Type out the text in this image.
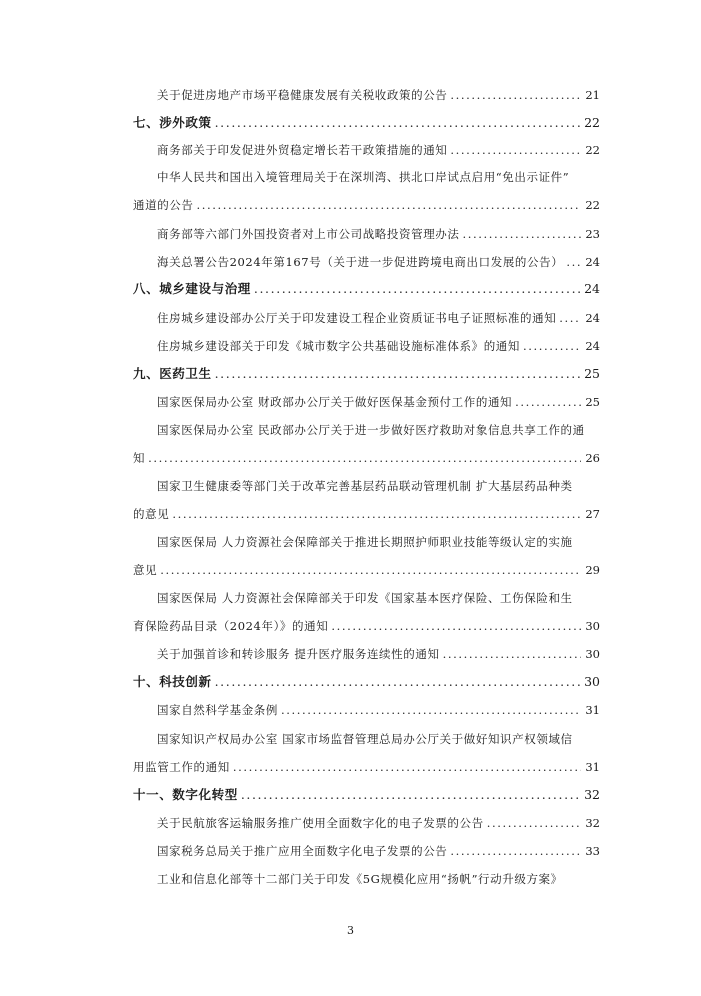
关于促进房地产市场平稳健康发展有关税收政策的公告 .....	21
七、涉外政策 .....	22
商务部关于印发促进外贸稳定增长若干政策措施的通知 .....	22
中华人民共和国出入境管理局关于在深圳湾、拱北口岸试点启用“免出示证件”
通道的公告 .....	22
商务部等六部门外国投资者对上市公司战略投资管理办法 .....	23
海关总署公告2024年第167号（关于进一步促进跨境电商出口发展的公告） ..... 24
八、城乡建设与治理 .....	24
住房城乡建设部办公厅关于印发建设工程企业资质证书电子证照标准的通知 .....	24
住房城乡建设部关于印发《城市数字公共基础设施标准体系》的通知 .....	24
九、医药卫生 .....	25
国家医保局办公室 财政部办公厅关于做好医保基金预付工作的通知 .....	25
国家医保局办公室 民政部办公厅关于进一步做好医疗救助对象信息共享工作的通
知 .....	26
国家卫生健康委等部门关于改革完善基层药品联动管理机制 扩大基层药品种类
的意见 .....	27
国家医保局 人力资源社会保障部关于推进长期照护师职业技能等级认定的实施
意见 .....	29
国家医保局 人力资源社会保障部关于印发《国家基本医疗保险、工伤保险和生
育保险药品目录（2024年）》的通知 .....	30
关于加强首诊和转诊服务 提升医疗服务连续性的通知 .....	30
十、科技创新 .....	30
国家自然科学基金条例 .....	31
国家知识产权局办公室 国家市场监督管理总局办公厅关于做好知识产权领域信
用监管工作的通知 .....	31
十一、数字化转型 .....	32
关于民航旅客运输服务推广使用全面数字化的电子发票的公告 .....	32
国家税务总局关于推广应用全面数字化电子发票的公告 .....	33
工业和信息化部等十二部门关于印发《5G规模化应用“扬帆”行动升级方案》
3
